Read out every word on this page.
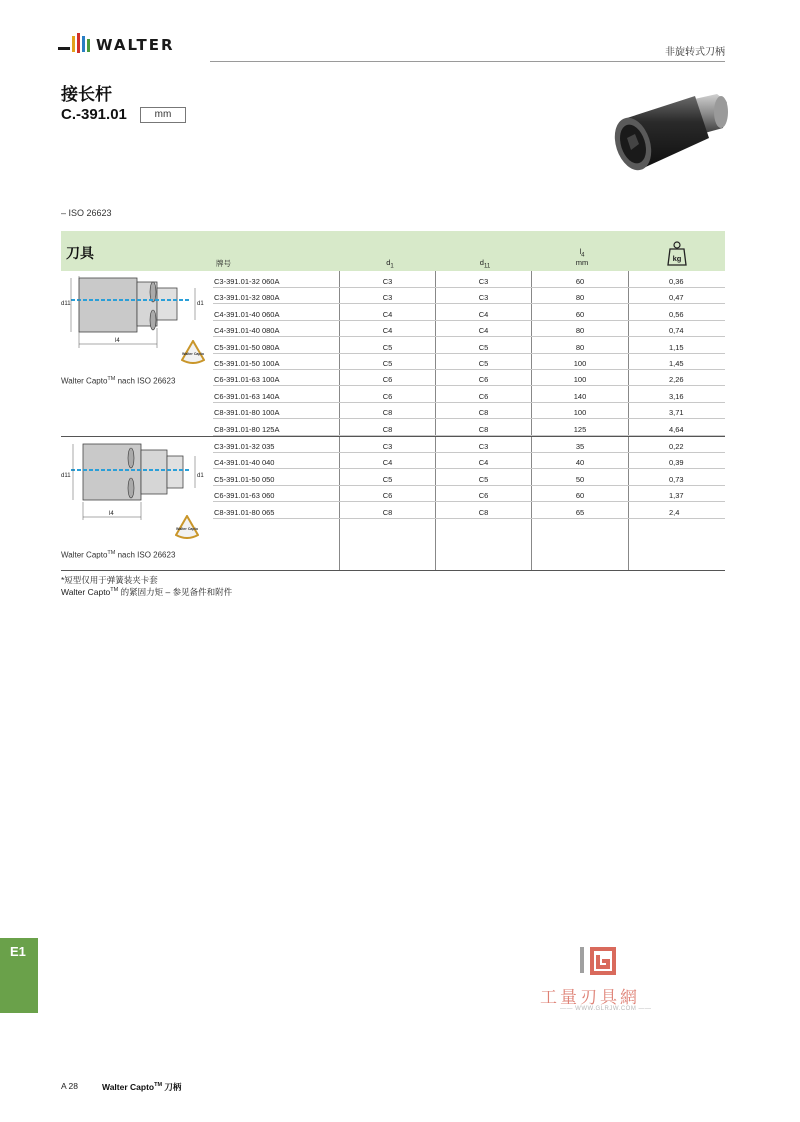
WALTER	非旋转式刀柄
接长杆
C.-391.01	mm
– ISO 26623
刀具
牌号	$d_1$	$d_{11}$
$l_4$
mm	kg
C3-391.01-32 060A	C3	C3	60	0,36
C3-391.01-32 080A	C3	C3	80	0,47
C4-391.01-40 060A	C4	C4	60	0,56
C4-391.01-40 080A	C4	C4	80	0,74
C5-391.01-50 080A	C5	C5	80	1,15
C5-391.01-50 100A	C5	C5	100	1,45
C6-391.01-63 100A	C6	C6	100	2,26
C6-391.01-63 140A	C6	C6	140	3,16
C8-391.01-80 100A	C8	C8	100	3,71
C8-391.01-80 125A	C8	C8	125	4,64
C3-391.01-32 035	C3	C3	35	0,22
C4-391.01-40 040	C4	C4	40	0,39
C5-391.01-50 050	C5	C5	50	0,73
C6-391.01-63 060	C6	C6	60	1,37
C8-391.01-80 065	C8	C8	65	2,4
d11	d1
l4
Walter Capto
Walter Capto™ nach ISO 26623
d11	d1
l4
Walter Capto
Walter Capto™ nach ISO 26623
*短型仅用于弹簧装夹卡套
Walter Capto™ 的紧固力矩 – 参见备件和附件
E1
工量刃具網
—— WWW.GLRJW.COM ——
A 28	Walter Capto™ 刀柄
